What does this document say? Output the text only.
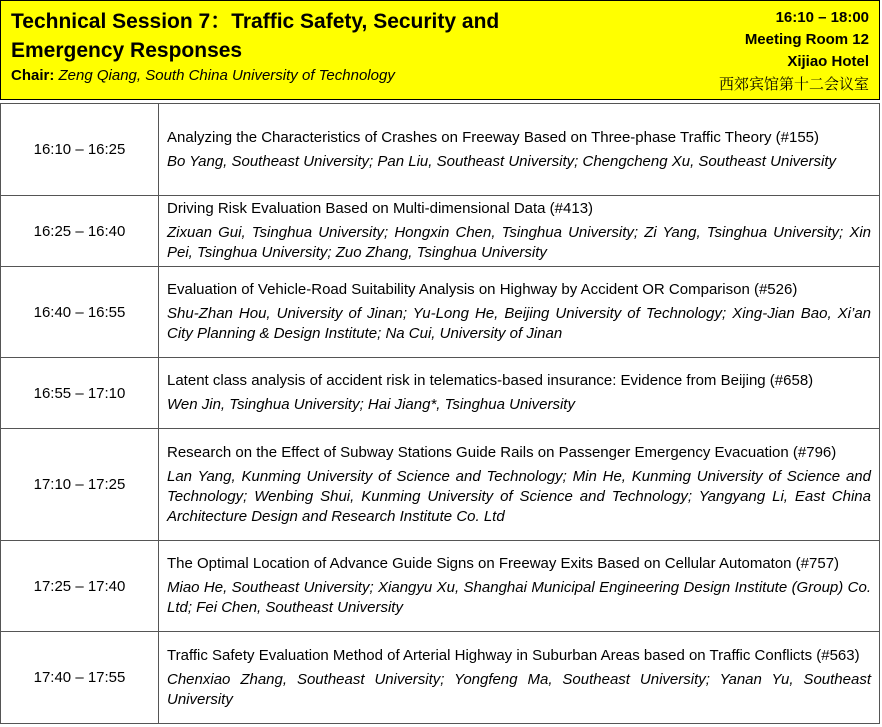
Technical Session 7：Traffic Safety, Security and Emergency Responses
Chair: Zeng Qiang, South China University of Technology
16:10 – 18:00
Meeting Room 12
Xijiao Hotel
西郊宾馆第十二会议室
16:10 – 16:25	Analyzing the Characteristics of Crashes on Freeway Based on Three-phase Traffic Theory (#155)
Bo Yang, Southeast University; Pan Liu, Southeast University; Chengcheng Xu, Southeast University

16:25 – 16:40	Driving Risk Evaluation Based on Multi-dimensional Data (#413)
Zixuan Gui, Tsinghua University; Hongxin Chen, Tsinghua University; Zi Yang, Tsinghua University; Xin Pei, Tsinghua University; Zuo Zhang, Tsinghua University

16:40 – 16:55	Evaluation of Vehicle-Road Suitability Analysis on Highway by Accident OR Comparison (#526)
Shu-Zhan Hou, University of Jinan; Yu-Long He, Beijing University of Technology; Xing-Jian Bao, Xi’an City Planning & Design Institute; Na Cui, University of Jinan

16:55 – 17:10	Latent class analysis of accident risk in telematics-based insurance: Evidence from Beijing (#658)
Wen Jin, Tsinghua University; Hai Jiang*, Tsinghua University

17:10 – 17:25	Research on the Effect of Subway Stations Guide Rails on Passenger Emergency Evacuation (#796)
Lan Yang, Kunming University of Science and Technology; Min He, Kunming University of Science and Technology; Wenbing Shui, Kunming University of Science and Technology; Yangyang Li, East China Architecture Design and Research Institute Co. Ltd

17:25 – 17:40	The Optimal Location of Advance Guide Signs on Freeway Exits Based on Cellular Automaton (#757)
Miao He, Southeast University; Xiangyu Xu, Shanghai Municipal Engineering Design Institute (Group) Co. Ltd; Fei Chen, Southeast University

17:40 – 17:55	Traffic Safety Evaluation Method of Arterial Highway in Suburban Areas based on Traffic Conflicts (#563)
Chenxiao Zhang, Southeast University; Yongfeng Ma, Southeast University; Yanan Yu, Southeast University
